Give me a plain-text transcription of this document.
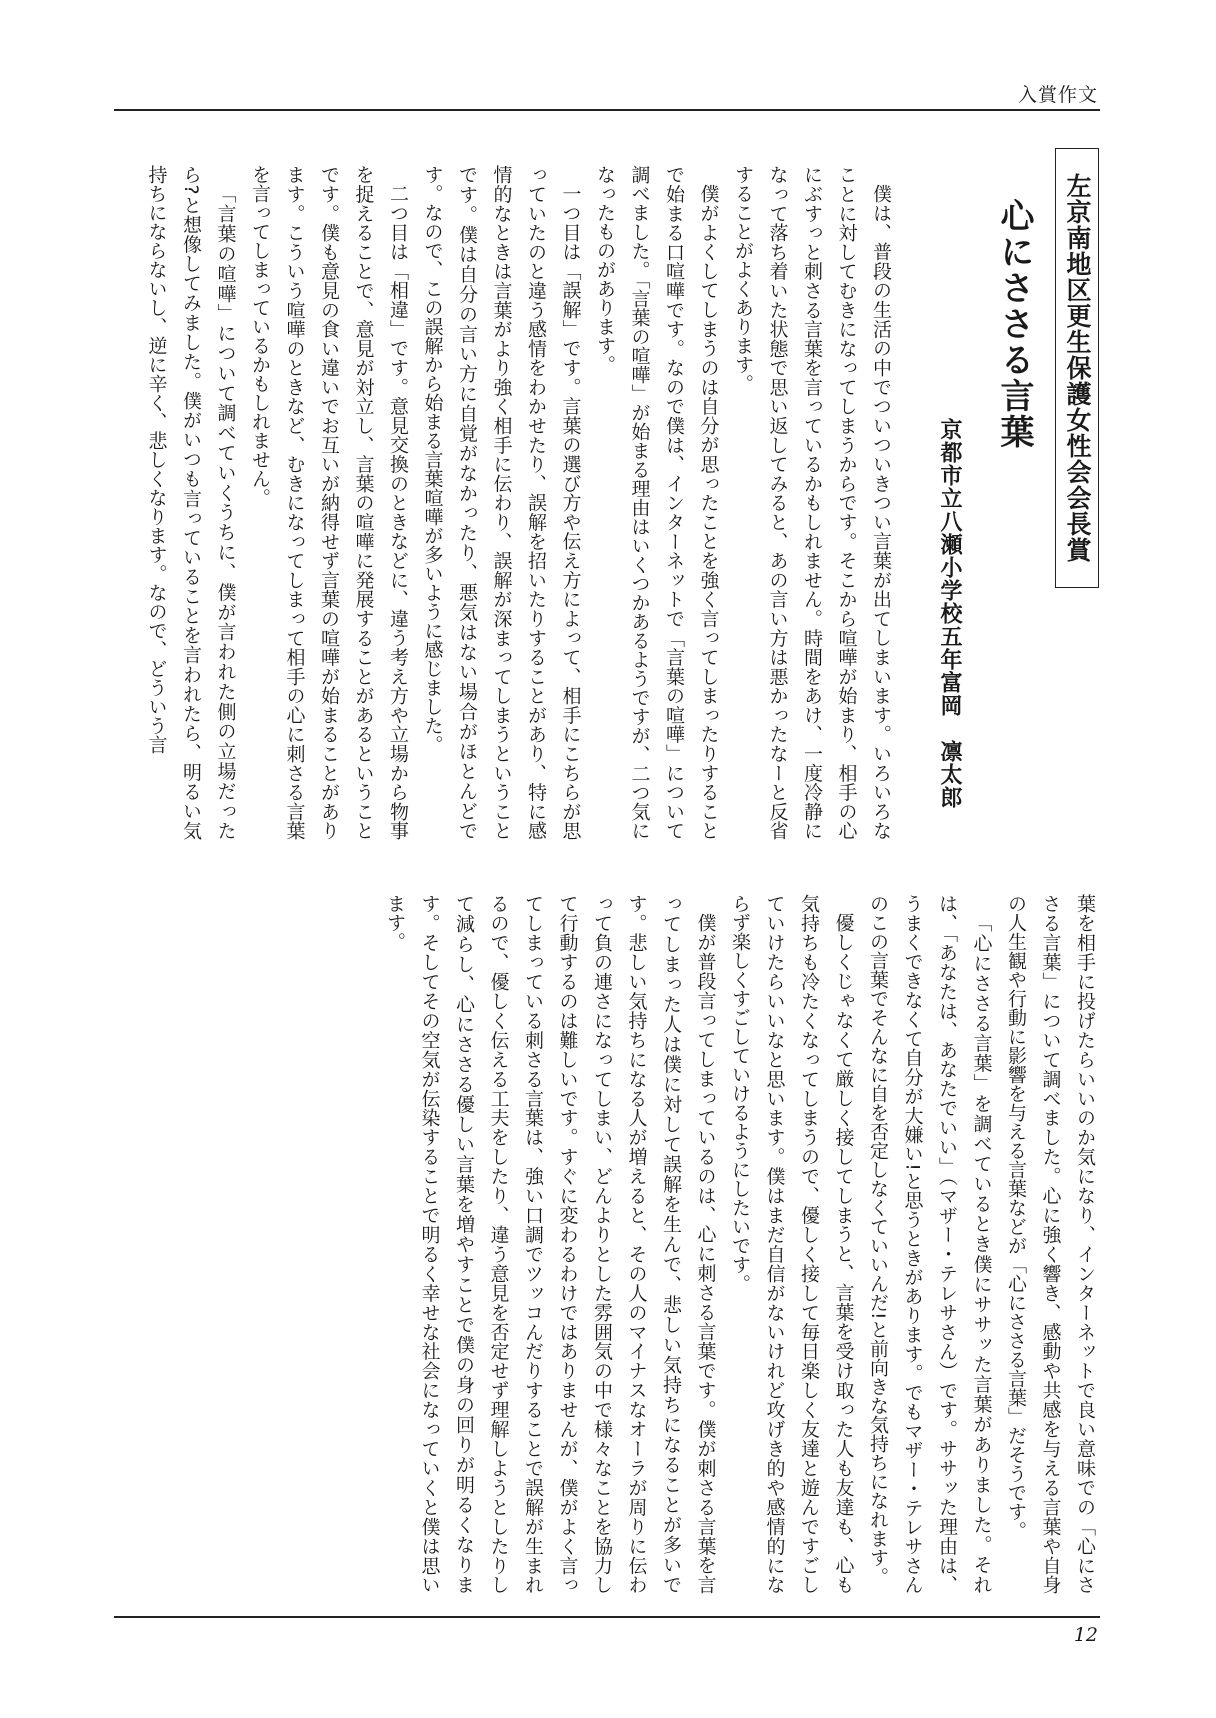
入賞作文
左京南地区更生保護女性会会長賞
心にささる言葉
京都市立八瀬小学校五年富岡　凛太郎

僕は、普段の生活の中でついついきつい言葉が出てしまいます。いろいろなことに対してむきになってしまうからです。そこから喧嘩が始まり、相手の心にぶすっと刺さる言葉を言っているかもしれません。時間をあけ、一度冷静になって落ち着いた状態で思い返してみると、あの言い方は悪かったなーと反省することがよくあります。

僕がよくしてしまうのは自分が思ったことを強く言ってしまったりすることで始まる口喧嘩です。なので僕は、インターネットで「言葉の喧嘩」について調べました。「言葉の喧嘩」が始まる理由はいくつかあるようですが、二つ気になったものがあります。

一つ目は「誤解」です。言葉の選び方や伝え方によって、相手にこちらが思っていたのと違う感情をわかせたり、誤解を招いたりすることがあり、特に感情的なときは言葉がより強く相手に伝わり、誤解が深まってしまうということです。僕は自分の言い方に自覚がなかったり、悪気はない場合がほとんどです。なので、この誤解から始まる言葉喧嘩が多いように感じました。

二つ目は「相違」です。意見交換のときなどに、違う考え方や立場から物事を捉えることで、意見が対立し、言葉の喧嘩に発展することがあるということです。僕も意見の食い違いでお互いが納得せず言葉の喧嘩が始まることがあります。こういう喧嘩のときなど、むきになってしまって相手の心に刺さる言葉を言ってしまっているかもしれません。

「言葉の喧嘩」について調べていくうちに、僕が言われた側の立場だったら?と想像してみました。僕がいつも言っていることを言われたら、明るい気持ちにならないし、逆に辛く、悲しくなります。なので、どういう言

葉を相手に投げたらいいのか気になり、インターネットで良い意味での「心にささる言葉」について調べました。心に強く響き、感動や共感を与える言葉や自身の人生観や行動に影響を与える言葉などが「心にささる言葉」だそうです。

「心にささる言葉」を調べているとき僕にササッた言葉がありました。それは、「あなたは、あなたでいい」（マザー・テレサさん）です。ササッた理由は、うまくできなくて自分が大嫌い!と思うときがあります。でもマザー・テレサさんのこの言葉でそんなに自を否定しなくていいんだ!と前向きな気持ちになれます。

優しくじゃなくて厳しく接してしまうと、言葉を受け取った人も友達も、心も気持ちも冷たくなってしまうので、優しく接して毎日楽しく友達と遊んですごしていけたらいいなと思います。僕はまだ自信がないけれど攻げき的や感情的にならず楽しくすごしていけるようにしたいです。

僕が普段言ってしまっているのは、心に刺さる言葉です。僕が刺さる言葉を言ってしまった人は僕に対して誤解を生んで、悲しい気持ちになることが多いです。悲しい気持ちになる人が増えると、その人のマイナスなオーラが周りに伝わって負の連さになってしまい、どんよりとした雰囲気の中で様々なことを協力して行動するのは難しいです。すぐに変わるわけではありませんが、僕がよく言ってしまっている刺さる言葉は、強い口調でツッコんだりすることで誤解が生まれるので、優しく伝える工夫をしたり、違う意見を否定せず理解しようとしたりして減らし、心にささる優しい言葉を増やすことで僕の身の回りが明るくなります。そしてその空気が伝染することで明るく幸せな社会になっていくと僕は思います。

12
